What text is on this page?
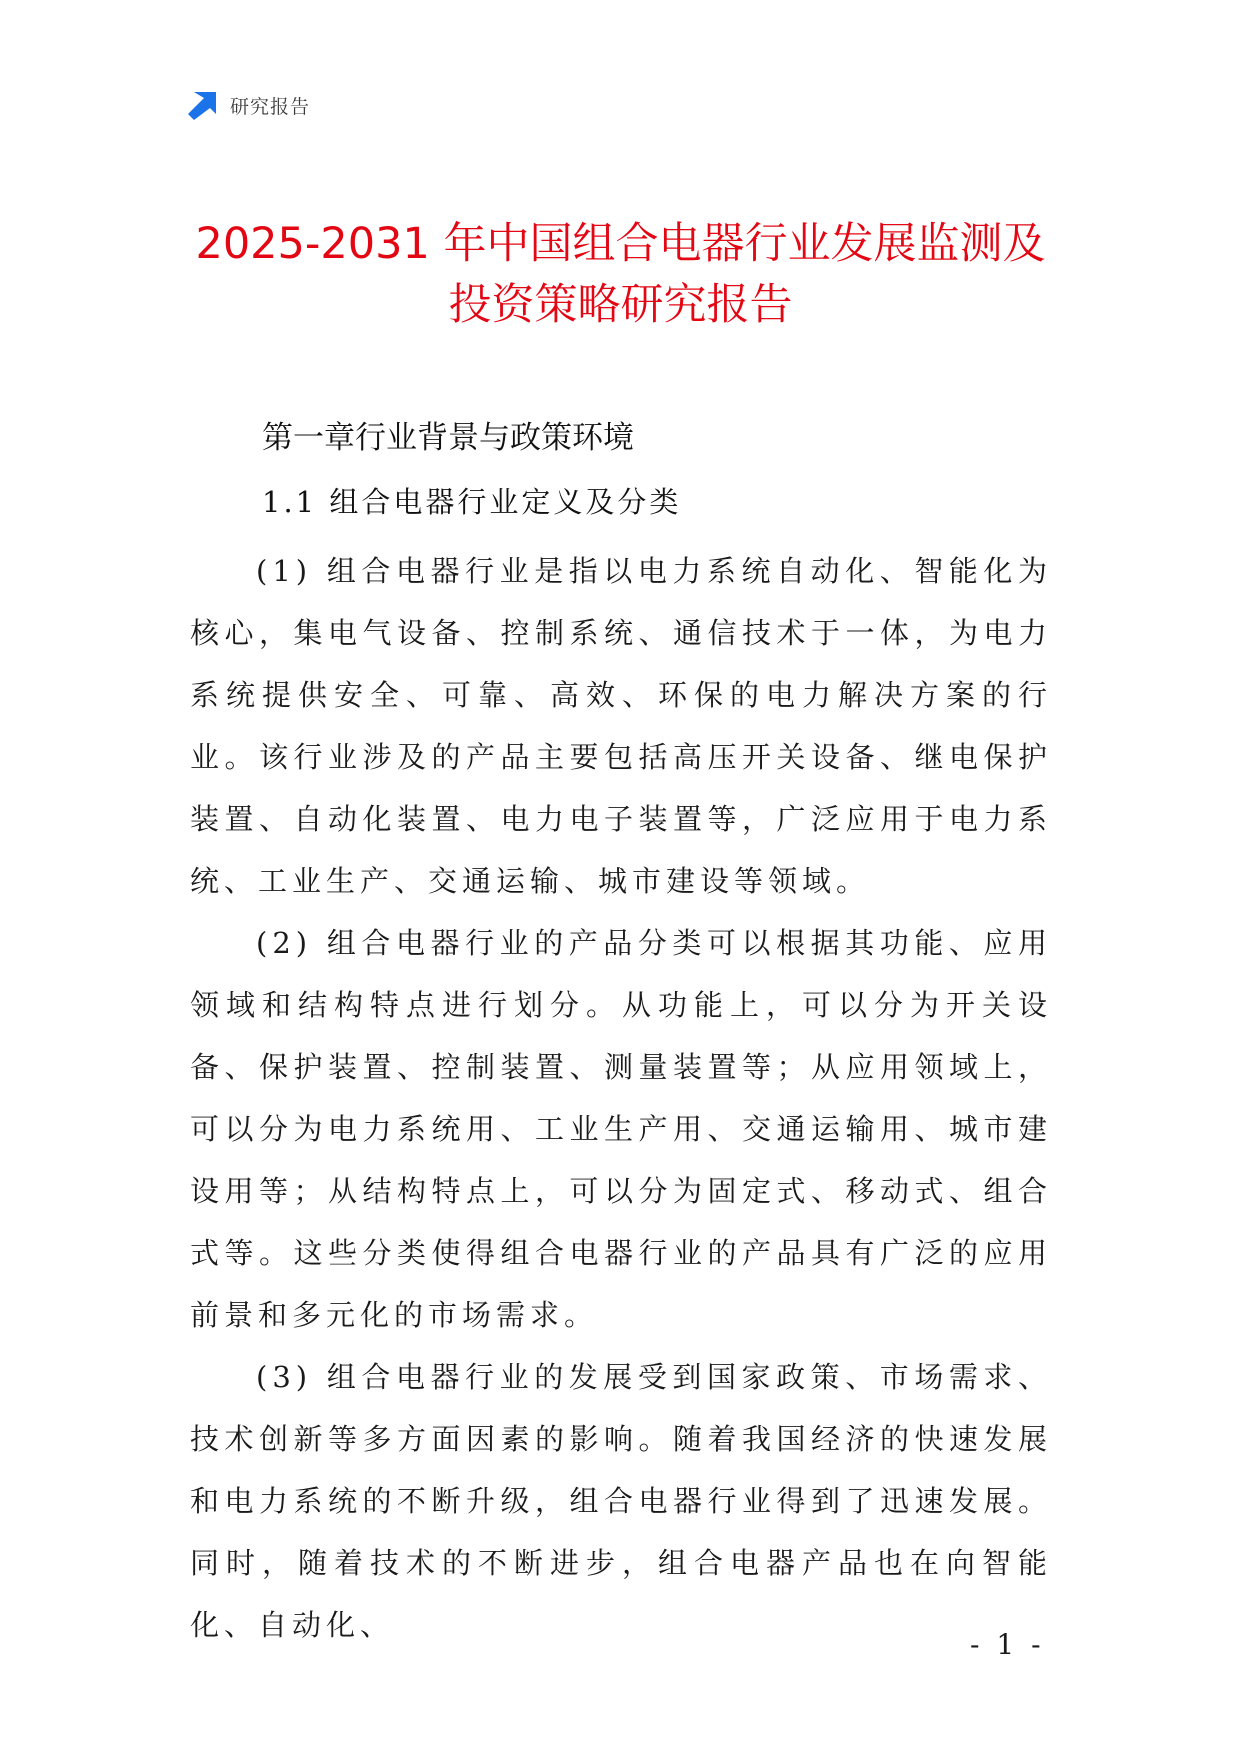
研究报告
2025-2031 年中国组合电器行业发展监测及
投资策略研究报告
第一章行业背景与政策环境
1.1 组合电器行业定义及分类

(1) 组合电器行业是指以电力系统自动化、智能化为核心，集电气设备、控制系统、通信技术于一体，为电力系统提供安全、可靠、高效、环保的电力解决方案的行业。该行业涉及的产品主要包括高压开关设备、继电保护装置、自动化装置、电力电子装置等，广泛应用于电力系统、工业生产、交通运输、城市建设等领域。

(2) 组合电器行业的产品分类可以根据其功能、应用领域和结构特点进行划分。从功能上，可以分为开关设备、保护装置、控制装置、测量装置等；从应用领域上，可以分为电力系统用、工业生产用、交通运输用、城市建设用等；从结构特点上，可以分为固定式、移动式、组合式等。这些分类使得组合电器行业的产品具有广泛的应用前景和多元化的市场需求。

(3) 组合电器行业的发展受到国家政策、市场需求、技术创新等多方面因素的影响。随着我国经济的快速发展和电力系统的不断升级，组合电器行业得到了迅速发展。同时，随着技术的不断进步，组合电器产品也在向智能化、自动化、

- 1 -
